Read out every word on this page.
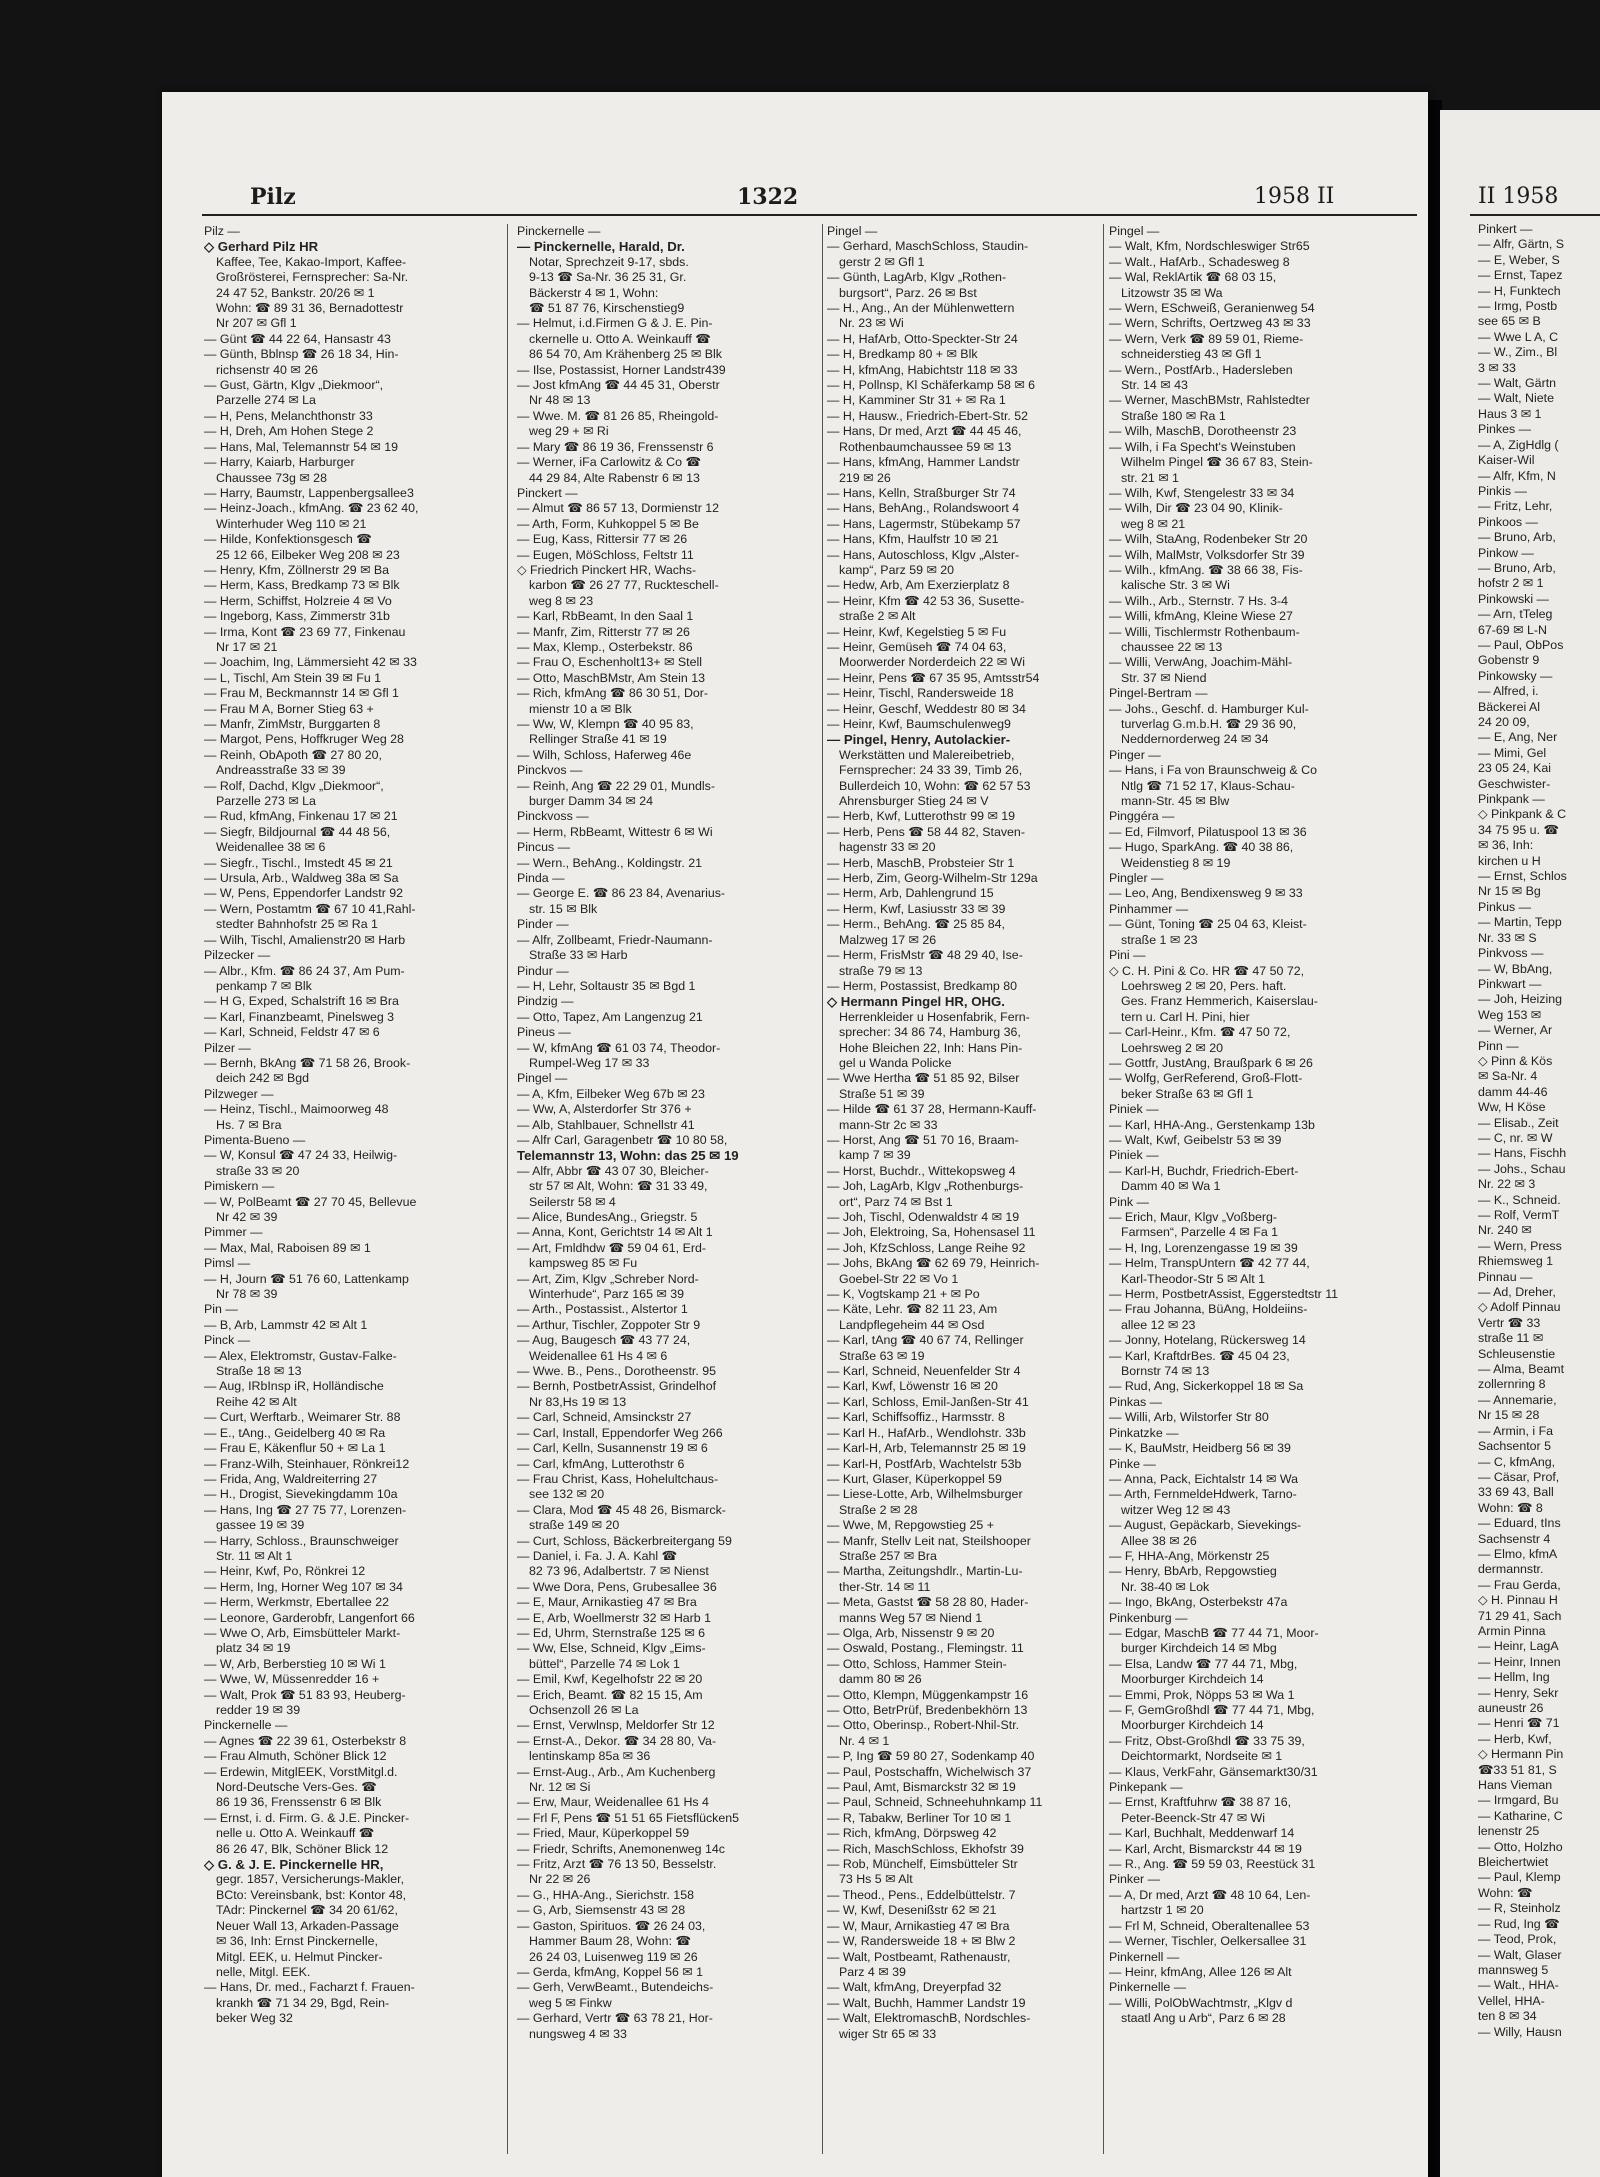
Pilz	1322	1958 II
Pilz —
◇ Gerhard Pilz HR
Kaffee, Tee, Kakao-Import, Kaffee-
Großrösterei, Fernsprecher: Sa-Nr.
24 47 52, Bankstr. 20/26 ✉ 1
Wohn: ☎ 89 31 36, Bernadottestr
Nr 207 ✉ Gfl 1
— Günt ☎ 44 22 64, Hansastr 43
— Günth, Bblnsp ☎ 26 18 34, Hin-
richsenstr 40 ✉ 26
— Gust, Gärtn, Klgv „Diekmoor“,
Parzelle 274 ✉ La
— H, Pens, Melanchthonstr 33
— H, Dreh, Am Hohen Stege 2
— Hans, Mal, Telemannstr 54 ✉ 19
— Harry, Kaiarb, Harburger
Chaussee 73g ✉ 28
— Harry, Baumstr, Lappenbergsallee3
— Heinz-Joach., kfmAng. ☎ 23 62 40,
Winterhuder Weg 110 ✉ 21
— Hilde, Konfektionsgesch ☎
25 12 66, Eilbeker Weg 208 ✉ 23
— Henry, Kfm, Zöllnerstr 29 ✉ Ba
— Herm, Kass, Bredkamp 73 ✉ Blk
— Herm, Schiffst, Holzreie 4 ✉ Vo
— Ingeborg, Kass, Zimmerstr 31b
— Irma, Kont ☎ 23 69 77, Finkenau
Nr 17 ✉ 21
— Joachim, Ing, Lämmersieht 42 ✉ 33
— L, Tischl, Am Stein 39 ✉ Fu 1
— Frau M, Beckmannstr 14 ✉ Gfl 1
— Frau M A, Borner Stieg 63 +
— Manfr, ZimMstr, Burggarten 8
— Margot, Pens, Hoffkruger Weg 28
— Reinh, ObApoth ☎ 27 80 20,
Andreasstraße 33 ✉ 39
— Rolf, Dachd, Klgv „Diekmoor“,
Parzelle 273 ✉ La
— Rud, kfmAng, Finkenau 17 ✉ 21
— Siegfr, Bildjournal ☎ 44 48 56,
Weidenallee 38 ✉ 6
— Siegfr., Tischl., Imstedt 45 ✉ 21
— Ursula, Arb., Waldweg 38a ✉ Sa
— W, Pens, Eppendorfer Landstr 92
— Wern, Postamtm ☎ 67 10 41,Rahl-
stedter Bahnhofstr 25 ✉ Ra 1
— Wilh, Tischl, Amalienstr20 ✉ Harb
Pilzecker —
— Albr., Kfm. ☎ 86 24 37, Am Pum-
penkamp 7 ✉ Blk
— H G, Exped, Schalstrift 16 ✉ Bra
— Karl, Finanzbeamt, Pinelsweg 3
— Karl, Schneid, Feldstr 47 ✉ 6
Pilzer —
— Bernh, BkAng ☎ 71 58 26, Brook-
deich 242 ✉ Bgd
Pilzweger —
— Heinz, Tischl., Maimoorweg 48
Hs. 7 ✉ Bra
Pimenta-Bueno —
— W, Konsul ☎ 47 24 33, Heilwig-
straße 33 ✉ 20
Pimiskern —
— W, PolBeamt ☎ 27 70 45, Bellevue
Nr 42 ✉ 39
Pimmer —
— Max, Mal, Raboisen 89 ✉ 1
Pimsl —
— H, Journ ☎ 51 76 60, Lattenkamp
Nr 78 ✉ 39
Pin —
— B, Arb, Lammstr 42 ✉ Alt 1
Pinck —
— Alex, Elektromstr, Gustav-Falke-
Straße 18 ✉ 13
— Aug, IRbInsp iR, Holländische
Reihe 42 ✉ Alt
— Curt, Werftarb., Weimarer Str. 88
— E., tAng., Geidelberg 40 ✉ Ra
— Frau E, Käkenflur 50 + ✉ La 1
— Franz-Wilh, Steinhauer, Rönkrei12
— Frida, Ang, Waldreiterring 27
— H., Drogist, Sievekingdamm 10a
— Hans, Ing ☎ 27 75 77, Lorenzen-
gassee 19 ✉ 39
— Harry, Schloss., Braunschweiger
Str. 11 ✉ Alt 1
— Heinr, Kwf, Po, Rönkrei 12
— Herm, Ing, Horner Weg 107 ✉ 34
— Herm, Werkmstr, Ebertallee 22
— Leonore, Garderobfr, Langenfort 66
— Wwe O, Arb, Eimsbütteler Markt-
platz 34 ✉ 19
— W, Arb, Berberstieg 10 ✉ Wi 1
— Wwe, W, Müssenredder 16 +
— Walt, Prok ☎ 51 83 93, Heuberg-
redder 19 ✉ 39
Pinckernelle —
— Agnes ☎ 22 39 61, Osterbekstr 8
— Frau Almuth, Schöner Blick 12
— Erdewin, MitglEEK, VorstMitgl.d.
Nord-Deutsche Vers-Ges. ☎
86 19 36, Frenssenstr 6 ✉ Blk
— Ernst, i. d. Firm. G. & J.E. Pincker-
nelle u. Otto A. Weinkauff ☎
86 26 47, Blk, Schöner Blick 12
◇ G. & J. E. Pinckernelle HR,
gegr. 1857, Versicherungs-Makler,
BCto: Vereinsbank, bst: Kontor 48,
TAdr: Pinckernel ☎ 34 20 61/62,
Neuer Wall 13, Arkaden-Passage
✉ 36, Inh: Ernst Pinckernelle,
Mitgl. EEK, u. Helmut Pincker-
nelle, Mitgl. EEK.
— Hans, Dr. med., Facharzt f. Frauen-
krankh ☎ 71 34 29, Bgd, Rein-
beker Weg 32
Pinckernelle —
— Pinckernelle, Harald, Dr.
Notar, Sprechzeit 9-17, sbds.
9-13 ☎ Sa-Nr. 36 25 31, Gr.
Bäckerstr 4 ✉ 1, Wohn:
☎ 51 87 76, Kirschenstieg9
— Helmut, i.d.Firmen G & J. E. Pin-
ckernelle u. Otto A. Weinkauff ☎
86 54 70, Am Krähenberg 25 ✉ Blk
— Ilse, Postassist, Horner Landstr439
— Jost kfmAng ☎ 44 45 31, Oberstr
Nr 48 ✉ 13
— Wwe. M. ☎ 81 26 85, Rheingold-
weg 29 + ✉ Ri
— Mary ☎ 86 19 36, Frenssenstr 6
— Werner, iFa Carlowitz & Co ☎
44 29 84, Alte Rabenstr 6 ✉ 13
Pinckert —
— Almut ☎ 86 57 13, Dormienstr 12
— Arth, Form, Kuhkoppel 5 ✉ Be
— Eug, Kass, Rittersir 77 ✉ 26
— Eugen, MöSchloss, Feltstr 11
◇ Friedrich Pinckert HR, Wachs-
karbon ☎ 26 27 77, Ruckteschell-
weg 8 ✉ 23
— Karl, RbBeamt, In den Saal 1
— Manfr, Zim, Ritterstr 77 ✉ 26
— Max, Klemp., Osterbekstr. 86
— Frau O, Eschenholt13+ ✉ Stell
— Otto, MaschBMstr, Am Stein 13
— Rich, kfmAng ☎ 86 30 51, Dor-
mienstr 10 a ✉ Blk
— Ww, W, Klempn ☎ 40 95 83,
Rellinger Straße 41 ✉ 19
— Wilh, Schloss, Haferweg 46e
Pinckvos —
— Reinh, Ang ☎ 22 29 01, Mundls-
burger Damm 34 ✉ 24
Pinckvoss —
— Herm, RbBeamt, Wittestr 6 ✉ Wi
Pincus —
— Wern., BehAng., Koldingstr. 21
Pinda —
— George E. ☎ 86 23 84, Avenarius-
str. 15 ✉ Blk
Pinder —
— Alfr, Zollbeamt, Friedr-Naumann-
Straße 33 ✉ Harb
Pindur —
— H, Lehr, Soltaustr 35 ✉ Bgd 1
Pindzig —
— Otto, Tapez, Am Langenzug 21
Pineus —
— W, kfmAng ☎ 61 03 74, Theodor-
Rumpel-Weg 17 ✉ 33
Pingel —
— A, Kfm, Eilbeker Weg 67b ✉ 23
— Ww, A, Alsterdorfer Str 376 +
— Alb, Stahlbauer, Schnellstr 41
— Alfr Carl, Garagenbetr ☎ 10 80 58,
Telemannstr 13, Wohn: das 25 ✉ 19
— Alfr, Abbr ☎ 43 07 30, Bleicher-
str 57 ✉ Alt, Wohn: ☎ 31 33 49,
Seilerstr 58 ✉ 4
— Alice, BundesAng., Griegstr. 5
— Anna, Kont, Gerichtstr 14 ✉ Alt 1
— Art, Fmldhdw ☎ 59 04 61, Erd-
kampsweg 85 ✉ Fu
— Art, Zim, Klgv „Schreber Nord-
Winterhude“, Parz 165 ✉ 39
— Arth., Postassist., Alstertor 1
— Arthur, Tischler, Zoppoter Str 9
— Aug, Baugesch ☎ 43 77 24,
Weidenallee 61 Hs 4 ✉ 6
— Wwe. B., Pens., Dorotheenstr. 95
— Bernh, PostbetrAssist, Grindelhof
Nr 83,Hs 19 ✉ 13
— Carl, Schneid, Amsinckstr 27
— Carl, Install, Eppendorfer Weg 266
— Carl, Kelln, Susannenstr 19 ✉ 6
— Carl, kfmAng, Lutterothstr 6
— Frau Christ, Kass, Hohelultchaus-
see 132 ✉ 20
— Clara, Mod ☎ 45 48 26, Bismarck-
straße 149 ✉ 20
— Curt, Schloss, Bäckerbreitergang 59
— Daniel, i. Fa. J. A. Kahl ☎
82 73 96, Adalbertstr. 7 ✉ Nienst
— Wwe Dora, Pens, Grubesallee 36
— E, Maur, Arnikastieg 47 ✉ Bra
— E, Arb, Woellmerstr 32 ✉ Harb 1
— Ed, Uhrm, Sternstraße 125 ✉ 6
— Ww, Else, Schneid, Klgv „Eims-
büttel“, Parzelle 74 ✉ Lok 1
— Emil, Kwf, Kegelhofstr 22 ✉ 20
— Erich, Beamt. ☎ 82 15 15, Am
Ochsenzoll 26 ✉ La
— Ernst, Verwlnsp, Meldorfer Str 12
— Ernst-A., Dekor. ☎ 34 28 80, Va-
lentinskamp 85a ✉ 36
— Ernst-Aug., Arb., Am Kuchenberg
Nr. 12 ✉ Si
— Erw, Maur, Weidenallee 61 Hs 4
— Frl F, Pens ☎ 51 51 65 Fietsflücken5
— Fried, Maur, Küperkoppel 59
— Friedr, Schrifts, Anemonenweg 14c
— Fritz, Arzt ☎ 76 13 50, Besselstr.
Nr 22 ✉ 26
— G., HHA-Ang., Sierichstr. 158
— G, Arb, Siemsenstr 43 ✉ 28
— Gaston, Spirituos. ☎ 26 24 03,
Hammer Baum 28, Wohn: ☎
26 24 03, Luisenweg 119 ✉ 26
— Gerda, kfmAng, Koppel 56 ✉ 1
— Gerh, VerwBeamt., Butendeichs-
weg 5 ✉ Finkw
— Gerhard, Vertr ☎ 63 78 21, Hor-
nungsweg 4 ✉ 33
Pingel —
— Gerhard, MaschSchloss, Staudin-
gerstr 2 ✉ Gfl 1
— Günth, LagArb, Klgv „Rothen-
burgsort“, Parz. 26 ✉ Bst
— H., Ang., An der Mühlenwettern
Nr. 23 ✉ Wi
— H, HafArb, Otto-Speckter-Str 24
— H, Bredkamp 80 + ✉ Blk
— H, kfmAng, Habichtstr 118 ✉ 33
— H, Pollnsp, Kl Schäferkamp 58 ✉ 6
— H, Kamminer Str 31 + ✉ Ra 1
— H, Hausw., Friedrich-Ebert-Str. 52
— Hans, Dr med, Arzt ☎ 44 45 46,
Rothenbaumchaussee 59 ✉ 13
— Hans, kfmAng, Hammer Landstr
219 ✉ 26
— Hans, Kelln, Straßburger Str 74
— Hans, BehAng., Rolandswoort 4
— Hans, Lagermstr, Stübekamp 57
— Hans, Kfm, Haulfstr 10 ✉ 21
— Hans, Autoschloss, Klgv „Alster-
kamp“, Parz 59 ✉ 20
— Hedw, Arb, Am Exerzierplatz 8
— Heinr, Kfm ☎ 42 53 36, Susette-
straße 2 ✉ Alt
— Heinr, Kwf, Kegelstieg 5 ✉ Fu
— Heinr, Gemüseh ☎ 74 04 63,
Moorwerder Norderdeich 22 ✉ Wi
— Heinr, Pens ☎ 67 35 95, Amtsstr54
— Heinr, Tischl, Randersweide 18
— Heinr, Geschf, Weddestr 80 ✉ 34
— Heinr, Kwf, Baumschulenweg9
— Pingel, Henry, Autolackier-
Werkstätten und Malereibetrieb,
Fernsprecher: 24 33 39, Timb 26,
Bullerdeich 10, Wohn: ☎ 62 57 53
Ahrensburger Stieg 24 ✉ V
— Herb, Kwf, Lutterothstr 99 ✉ 19
— Herb, Pens ☎ 58 44 82, Staven-
hagenstr 33 ✉ 20
— Herb, MaschB, Probsteier Str 1
— Herb, Zim, Georg-Wilhelm-Str 129a
— Herm, Arb, Dahlengrund 15
— Herm, Kwf, Lasiusstr 33 ✉ 39
— Herm., BehAng. ☎ 25 85 84,
Malzweg 17 ✉ 26
— Herm, FrisMstr ☎ 48 29 40, Ise-
straße 79 ✉ 13
— Herm, Postassist, Bredkamp 80
◇ Hermann Pingel HR, OHG.
Herrenkleider u Hosenfabrik, Fern-
sprecher: 34 86 74, Hamburg 36,
Hohe Bleichen 22, Inh: Hans Pin-
gel u Wanda Policke
— Wwe Hertha ☎ 51 85 92, Bilser
Straße 51 ✉ 39
— Hilde ☎ 61 37 28, Hermann-Kauff-
mann-Str 2c ✉ 33
— Horst, Ang ☎ 51 70 16, Braam-
kamp 7 ✉ 39
— Horst, Buchdr., Wittekopsweg 4
— Joh, LagArb, Klgv „Rothenburgs-
ort“, Parz 74 ✉ Bst 1
— Joh, Tischl, Odenwaldstr 4 ✉ 19
— Joh, Elektroing, Sa, Hohensasel 11
— Joh, KfzSchloss, Lange Reihe 92
— Johs, BkAng ☎ 62 69 79, Heinrich-
Goebel-Str 22 ✉ Vo 1
— K, Vogtskamp 21 + ✉ Po
— Käte, Lehr. ☎ 82 11 23, Am
Landpflegeheim 44 ✉ Osd
— Karl, tAng ☎ 40 67 74, Rellinger
Straße 63 ✉ 19
— Karl, Schneid, Neuenfelder Str 4
— Karl, Kwf, Löwenstr 16 ✉ 20
— Karl, Schloss, Emil-Janßen-Str 41
— Karl, Schiffsoffiz., Harmsstr. 8
— Karl H., HafArb., Wendlohstr. 33b
— Karl-H, Arb, Telemannstr 25 ✉ 19
— Karl-H, PostfArb, Wachtelstr 53b
— Kurt, Glaser, Küperkoppel 59
— Liese-Lotte, Arb, Wilhelmsburger
Straße 2 ✉ 28
— Wwe, M, Repgowstieg 25 +
— Manfr, Stellv Leit nat, Steilshooper
Straße 257 ✉ Bra
— Martha, Zeitungshdlr., Martin-Lu-
ther-Str. 14 ✉ 11
— Meta, Gastst ☎ 58 28 80, Hader-
manns Weg 57 ✉ Niend 1
— Olga, Arb, Nissenstr 9 ✉ 20
— Oswald, Postang., Flemingstr. 11
— Otto, Schloss, Hammer Stein-
damm 80 ✉ 26
— Otto, Klempn, Müggenkampstr 16
— Otto, BetrPrüf, Bredenbekhörn 13
— Otto, Oberinsp., Robert-Nhil-Str.
Nr. 4 ✉ 1
— P, Ing ☎ 59 80 27, Sodenkamp 40
— Paul, Postschaffn, Wichelwisch 37
— Paul, Amt, Bismarckstr 32 ✉ 19
— Paul, Schneid, Schneehuhnkamp 11
— R, Tabakw, Berliner Tor 10 ✉ 1
— Rich, kfmAng, Dörpsweg 42
— Rich, MaschSchloss, Ekhofstr 39
— Rob, Münchelf, Eimsbütteler Str
73 Hs 5 ✉ Alt
— Theod., Pens., Eddelbüttelstr. 7
— W, Kwf, Desenißstr 62 ✉ 21
— W, Maur, Arnikastieg 47 ✉ Bra
— W, Randersweide 18 + ✉ Blw 2
— Walt, Postbeamt, Rathenaustr,
Parz 4 ✉ 39
— Walt, kfmAng, Dreyerpfad 32
— Walt, Buchh, Hammer Landstr 19
— Walt, ElektromaschB, Nordschles-
wiger Str 65 ✉ 33
Pingel —
— Walt, Kfm, Nordschleswiger Str65
— Walt., HafArb., Schadesweg 8
— Wal, ReklArtik ☎ 68 03 15,
Litzowstr 35 ✉ Wa
— Wern, ESchweiß, Geranienweg 54
— Wern, Schrifts, Oertzweg 43 ✉ 33
— Wern, Verk ☎ 89 59 01, Rieme-
schneiderstieg 43 ✉ Gfl 1
— Wern., PostfArb., Hadersleben
Str. 14 ✉ 43
— Werner, MaschBMstr, Rahlstedter
Straße 180 ✉ Ra 1
— Wilh, MaschB, Dorotheenstr 23
— Wilh, i Fa Specht's Weinstuben
Wilhelm Pingel ☎ 36 67 83, Stein-
str. 21 ✉ 1
— Wilh, Kwf, Stengelestr 33 ✉ 34
— Wilh, Dir ☎ 23 04 90, Klinik-
weg 8 ✉ 21
— Wilh, StaAng, Rodenbeker Str 20
— Wilh, MalMstr, Volksdorfer Str 39
— Wilh., kfmAng. ☎ 38 66 38, Fis-
kalische Str. 3 ✉ Wi
— Wilh., Arb., Sternstr. 7 Hs. 3-4
— Willi, kfmAng, Kleine Wiese 27
— Willi, Tischlermstr Rothenbaum-
chaussee 22 ✉ 13
— Willi, VerwAng, Joachim-Mähl-
Str. 37 ✉ Niend
Pingel-Bertram —
— Johs., Geschf. d. Hamburger Kul-
turverlag G.m.b.H. ☎ 29 36 90,
Neddernorderweg 24 ✉ 34
Pinger —
— Hans, i Fa von Braunschweig & Co
Ntlg ☎ 71 52 17, Klaus-Schau-
mann-Str. 45 ✉ Blw
Pinggéra —
— Ed, Filmvorf, Pilatuspool 13 ✉ 36
— Hugo, SparkAng. ☎ 40 38 86,
Weidenstieg 8 ✉ 19
Pingler —
— Leo, Ang, Bendixensweg 9 ✉ 33
Pinhammer —
— Günt, Toning ☎ 25 04 63, Kleist-
straße 1 ✉ 23
Pini —
◇ C. H. Pini & Co. HR ☎ 47 50 72,
Loehrsweg 2 ✉ 20, Pers. haft.
Ges. Franz Hemmerich, Kaiserslau-
tern u. Carl H. Pini, hier
— Carl-Heinr., Kfm. ☎ 47 50 72,
Loehrsweg 2 ✉ 20
— Gottfr, JustAng, Braußpark 6 ✉ 26
— Wolfg, GerReferend, Groß-Flott-
beker Straße 63 ✉ Gfl 1
Piniek —
— Karl, HHA-Ang., Gerstenkamp 13b
— Walt, Kwf, Geibelstr 53 ✉ 39
Piniek —
— Karl-H, Buchdr, Friedrich-Ebert-
Damm 40 ✉ Wa 1
Pink —
— Erich, Maur, Klgv „Voßberg-
Farmsen“, Parzelle 4 ✉ Fa 1
— H, Ing, Lorenzengasse 19 ✉ 39
— Helm, TranspUntern ☎ 42 77 44,
Karl-Theodor-Str 5 ✉ Alt 1
— Herm, PostbetrAssist, Eggerstedtstr 11
— Frau Johanna, BüAng, Holdeiins-
allee 12 ✉ 23
— Jonny, Hotelang, Rückersweg 14
— Karl, KraftdrBes. ☎ 45 04 23,
Bornstr 74 ✉ 13
— Rud, Ang, Sickerkoppel 18 ✉ Sa
Pinkas —
— Willi, Arb, Wilstorfer Str 80
Pinkatzke —
— K, BauMstr, Heidberg 56 ✉ 39
Pinke —
— Anna, Pack, Eichtalstr 14 ✉ Wa
— Arth, FernmeldeHdwerk, Tarno-
witzer Weg 12 ✉ 43
— August, Gepäckarb, Sievekings-
Allee 38 ✉ 26
— F, HHA-Ang, Mörkenstr 25
— Henry, BbArb, Repgowstieg
Nr. 38-40 ✉ Lok
— Ingo, BkAng, Osterbekstr 47a
Pinkenburg —
— Edgar, MaschB ☎ 77 44 71, Moor-
burger Kirchdeich 14 ✉ Mbg
— Elsa, Landw ☎ 77 44 71, Mbg,
Moorburger Kirchdeich 14
— Emmi, Prok, Nöpps 53 ✉ Wa 1
— F, GemGroßhdl ☎ 77 44 71, Mbg,
Moorburger Kirchdeich 14
— Fritz, Obst-Großhdl ☎ 33 75 39,
Deichtormarkt, Nordseite ✉ 1
— Klaus, VerkFahr, Gänsemarkt30/31
Pinkepank —
— Ernst, Kraftfuhrw ☎ 38 87 16,
Peter-Beenck-Str 47 ✉ Wi
— Karl, Buchhalt, Meddenwarf 14
— Karl, Archt, Bismarckstr 44 ✉ 19
— R., Ang. ☎ 59 59 03, Reestück 31
Pinker —
— A, Dr med, Arzt ☎ 48 10 64, Len-
hartzstr 1 ✉ 20
— Frl M, Schneid, Oberaltenallee 53
— Werner, Tischler, Oelkersallee 31
Pinkernell —
— Heinr, kfmAng, Allee 126 ✉ Alt
Pinkernelle —
— Willi, PolObWachtmstr, „Klgv d
staatl Ang u Arb“, Parz 6 ✉ 28
II 1958
Pinkert —
— Alfr, Gärtn, S
— E, Weber, S
— Ernst, Tapez
— H, Funktech
— Irmg, Postb
see 65 ✉ B
— Wwe L A, C
— W., Zim., Bl
3 ✉ 33
— Walt, Gärtn
— Walt, Niete
Haus 3 ✉ 1
Pinkes —
— A, ZigHdlg (
Kaiser-Wil
— Alfr, Kfm, N
Pinkis —
— Fritz, Lehr,
Pinkoos —
— Bruno, Arb,
Pinkow —
— Bruno, Arb,
hofstr 2 ✉ 1
Pinkowski —
— Arn, tTeleg
67-69 ✉ L-N
— Paul, ObPos
Gobenstr 9
Pinkowsky —
— Alfred, i.
Bäckerei Al
24 20 09,
— E, Ang, Ner
— Mimi, Gel
23 05 24, Kai
Geschwister-
Pinkpank —
◇ Pinkpank & C
34 75 95 u. ☎
✉ 36, Inh:
kirchen u H
— Ernst, Schlos
Nr 15 ✉ Bg
Pinkus —
— Martin, Tepp
Nr. 33 ✉ S
Pinkvoss —
— W, BbAng,
Pinkwart —
— Joh, Heizing
Weg 153 ✉
— Werner, Ar
Pinn —
◇ Pinn & Kös
✉ Sa-Nr. 4
damm 44-46
Ww, H Köse
— Elisab., Zeit
— C, nr. ✉ W
— Hans, Fischh
— Johs., Schau
Nr. 22 ✉ 3
— K., Schneid.
— Rolf, VermT
Nr. 240 ✉
— Wern, Press
Rhiemsweg 1
Pinnau —
— Ad, Dreher,
◇ Adolf Pinnau
Vertr ☎ 33
straße 11 ✉
Schleusenstie
— Alma, Beamt
zollernring 8
— Annemarie,
Nr 15 ✉ 28
— Armin, i Fa
Sachsentor 5
— C, kfmAng,
— Cäsar, Prof,
33 69 43, Ball
Wohn: ☎ 8
— Eduard, tIns
Sachsenstr 4
— Elmo, kfmA
dermannstr.
— Frau Gerda,
◇ H. Pinnau H
71 29 41, Sach
Armin Pinna
— Heinr, LagA
— Heinr, Innen
— Hellm, Ing
— Henry, Sekr
auneustr 26
— Henri ☎ 71
— Herb, Kwf,
◇ Hermann Pin
☎33 51 81, S
Hans Vieman
— Irmgard, Bu
— Katharine, C
lenenstr 25
— Otto, Holzho
Bleichertwiet
— Paul, Klemp
Wohn: ☎
— R, Steinholz
— Rud, Ing ☎
— Teod, Prok,
— Walt, Glaser
mannsweg 5
— Walt., HHA-
Vellel, HHA-
ten 8 ✉ 34
— Willy, Hausn
